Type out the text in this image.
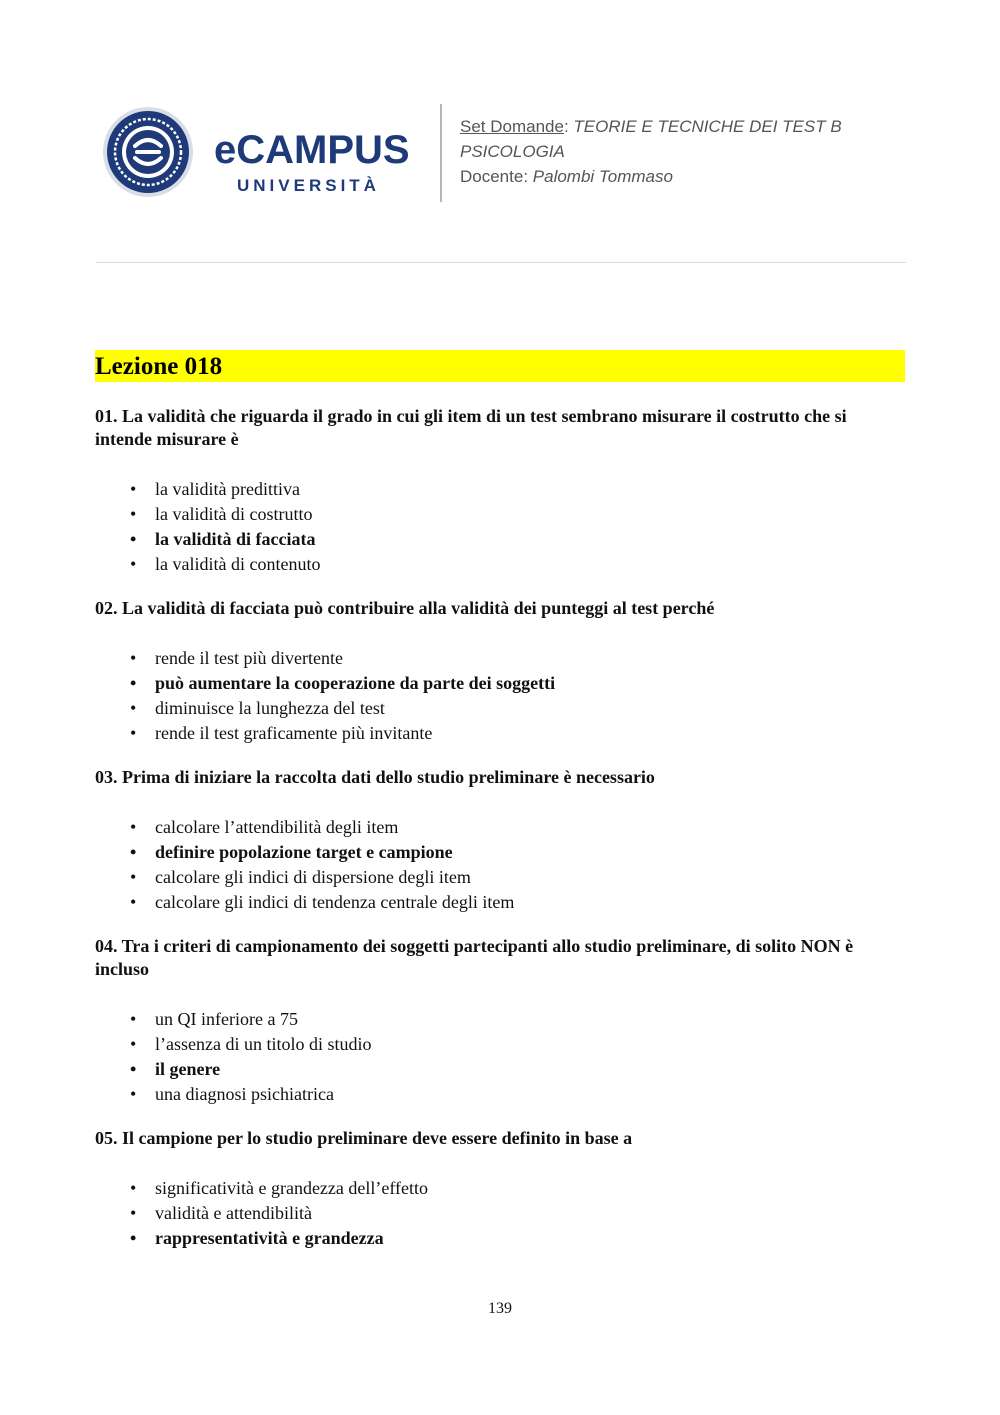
eCAMPUS
UNIVERSITÀ
Set Domande: TEORIE E TECNICHE DEI TEST B
PSICOLOGIA
Docente: Palombi Tommaso
Lezione 018
01. La validità che riguarda il grado in cui gli item di un test sembrano misurare il costrutto che si intende misurare è
• la validità predittiva
• la validità di costrutto
• la validità di facciata
• la validità di contenuto
02. La validità di facciata può contribuire alla validità dei punteggi al test perché
• rende il test più divertente
• può aumentare la cooperazione da parte dei soggetti
• diminuisce la lunghezza del test
• rende il test graficamente più invitante
03. Prima di iniziare la raccolta dati dello studio preliminare è necessario
• calcolare l’attendibilità degli item
• definire popolazione target e campione
• calcolare gli indici di dispersione degli item
• calcolare gli indici di tendenza centrale degli item
04. Tra i criteri di campionamento dei soggetti partecipanti allo studio preliminare, di solito NON è incluso
• un QI inferiore a 75
• l’assenza di un titolo di studio
• il genere
• una diagnosi psichiatrica
05. Il campione per lo studio preliminare deve essere definito in base a
• significatività e grandezza dell’effetto
• validità e attendibilità
• rappresentatività e grandezza
139
